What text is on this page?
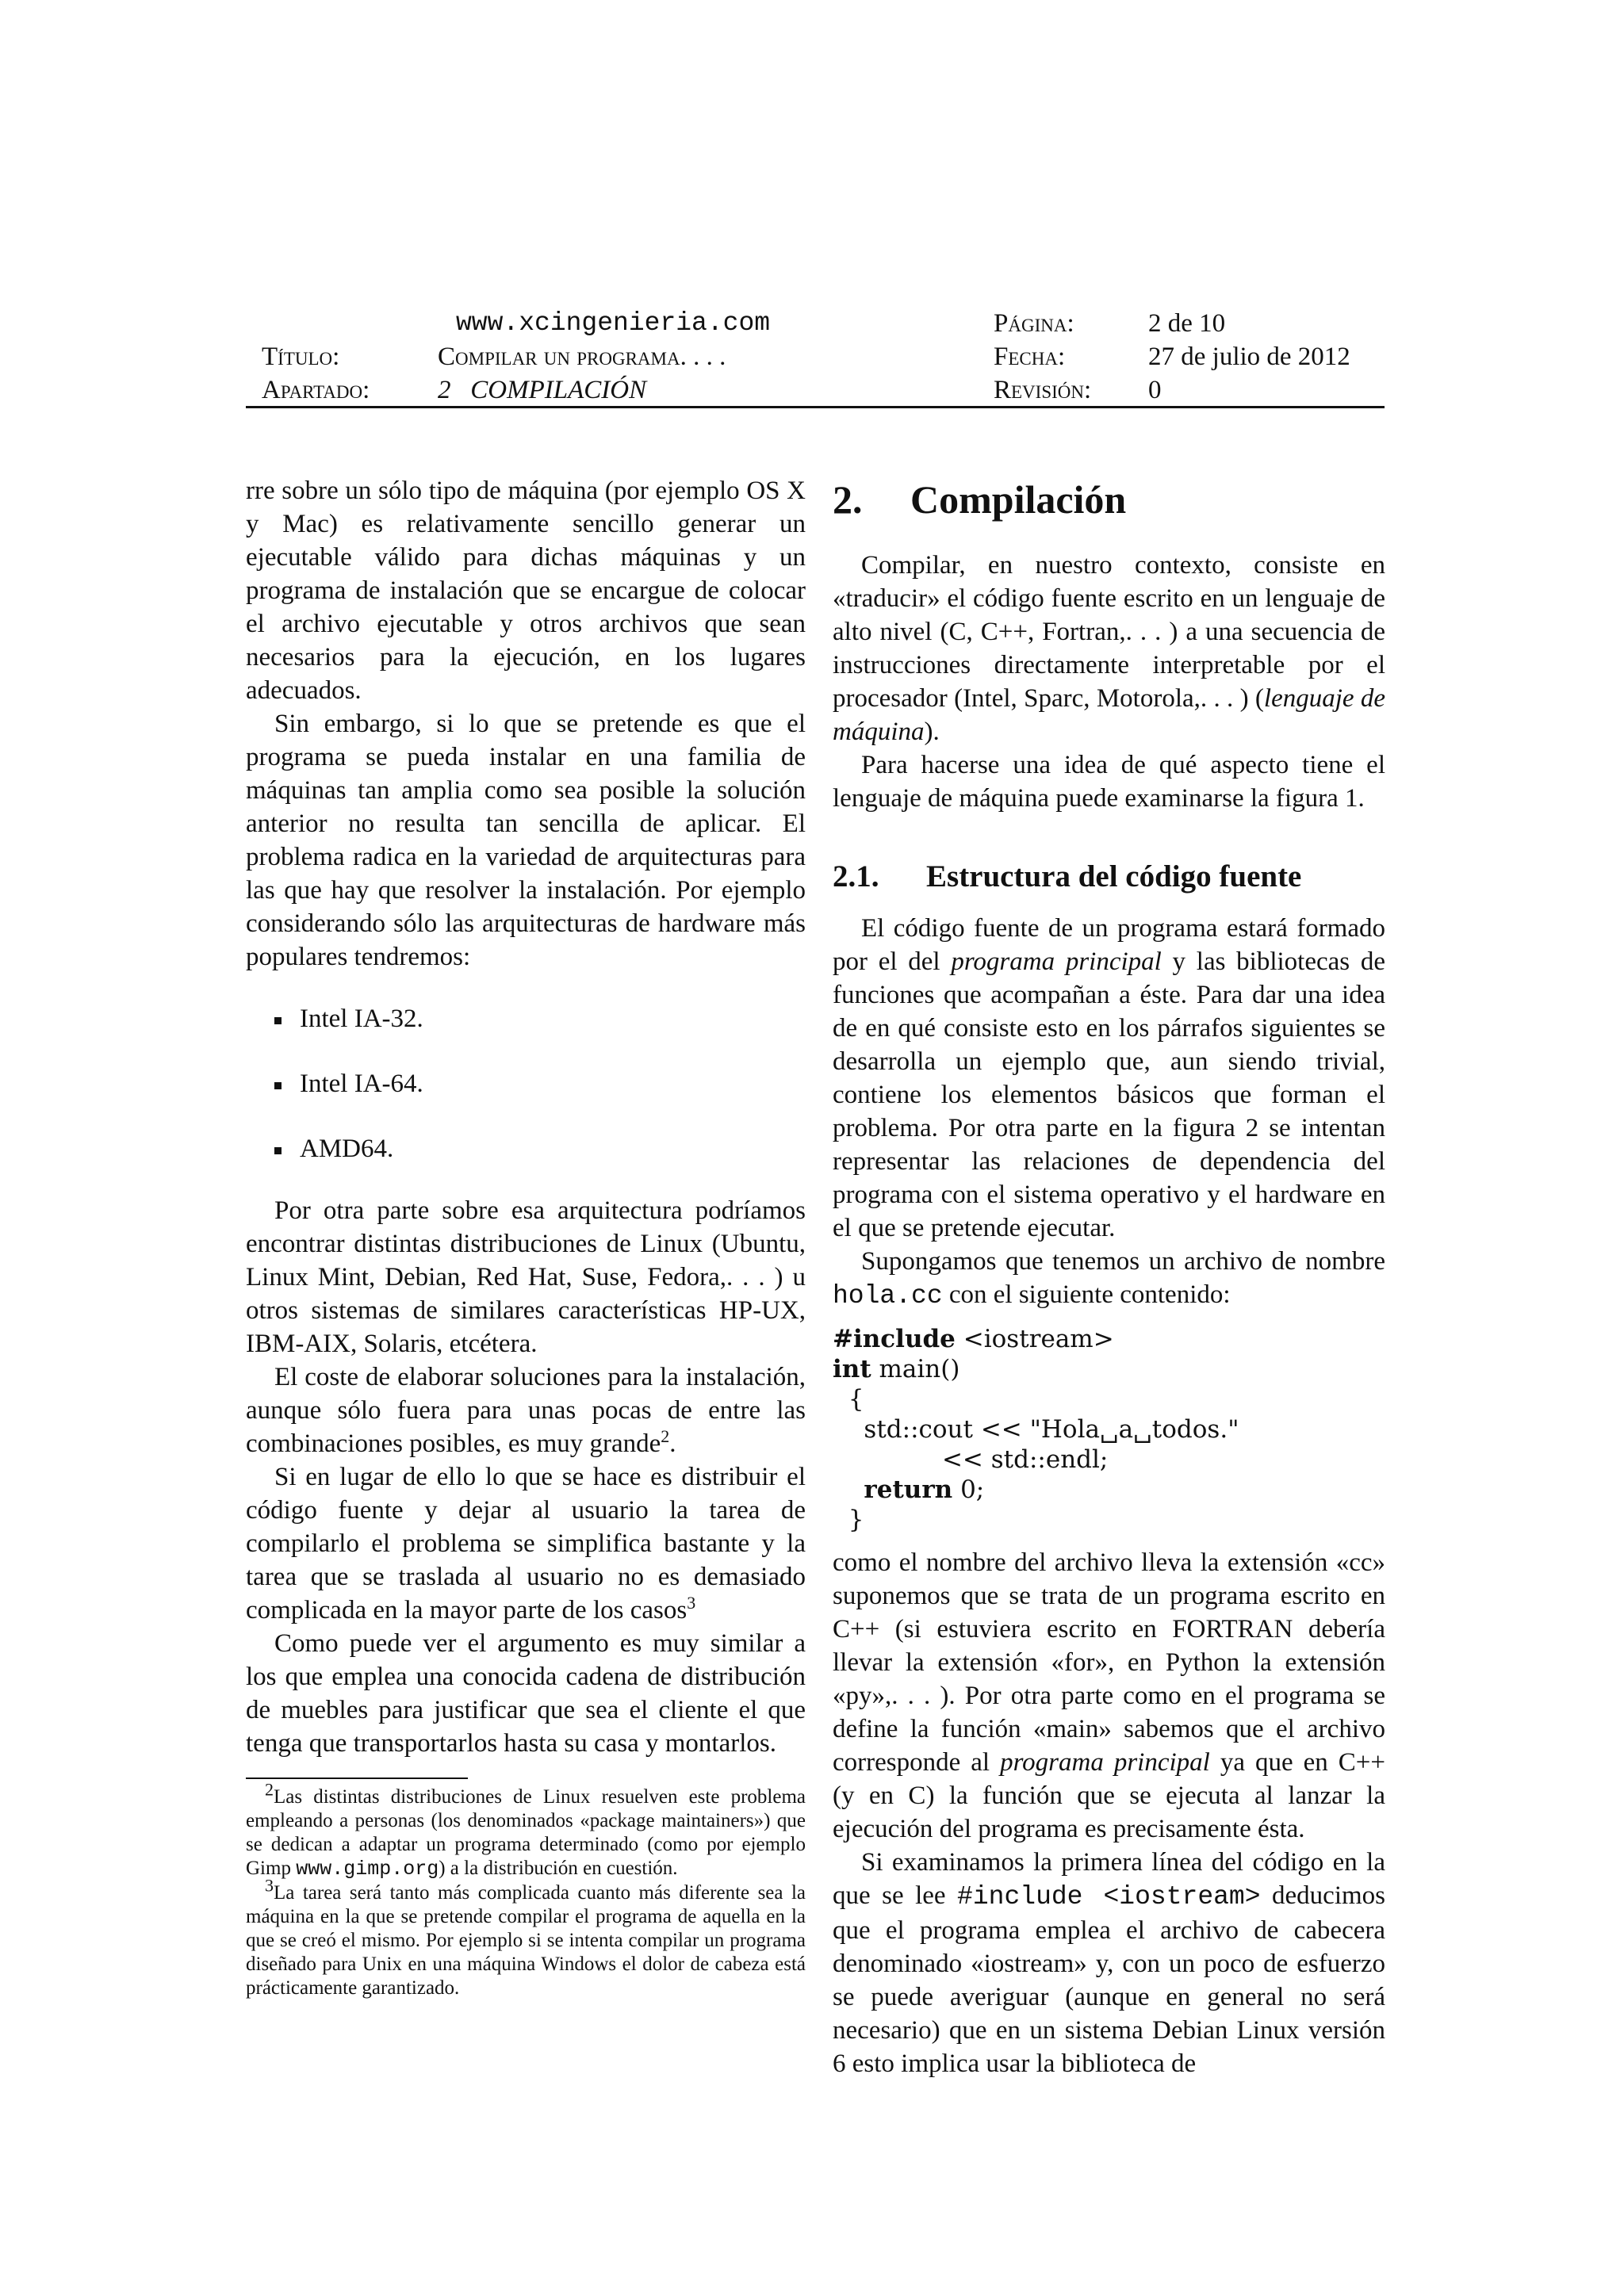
www.xcingenieria.com
Título:	Compilar un programa. . . .
Apartado:	2   COMPILACIÓN
Página:	2 de 10
Fecha:	27 de julio de 2012
Revisión: 0

rre sobre un sólo tipo de máquina (por ejemplo OS X y Mac) es relativamente sencillo generar un ejecutable válido para dichas máquinas y un programa de instalación que se encargue de colocar el archivo ejecutable y otros archivos que sean necesarios para la ejecución, en los lugares adecuados.

Sin embargo, si lo que se pretende es que el programa se pueda instalar en una familia de máquinas tan amplia como sea posible la solución anterior no resulta tan sencilla de aplicar. El problema radica en la variedad de arquitecturas para las que hay que resolver la instalación. Por ejemplo considerando sólo las arquitecturas de hardware más populares tendremos:

Intel IA-32.
Intel IA-64.
AMD64.

Por otra parte sobre esa arquitectura podríamos encontrar distintas distribuciones de Linux (Ubuntu, Linux Mint, Debian, Red Hat, Suse, Fedora,. . . ) u otros sistemas de similares características HP-UX, IBM-AIX, Solaris, etcétera.

El coste de elaborar soluciones para la instalación, aunque sólo fuera para unas pocas de entre las combinaciones posibles, es muy grande$^2$.

Si en lugar de ello lo que se hace es distribuir el código fuente y dejar al usuario la tarea de compilarlo el problema se simplifica bastante y la tarea que se traslada al usuario no es demasiado complicada en la mayor parte de los casos$^3$

Como puede ver el argumento es muy similar a los que emplea una conocida cadena de distribución de muebles para justificar que sea el cliente el que tenga que transportarlos hasta su casa y montarlos.

$^2$Las distintas distribuciones de Linux resuelven este problema empleando a personas (los denominados «package maintainers») que se dedican a adaptar un programa determinado (como por ejemplo Gimp www.gimp.org) a la distribución en cuestión.

$^3$La tarea será tanto más complicada cuanto más diferente sea la máquina en la que se pretende compilar el programa de aquella en la que se creó el mismo. Por ejemplo si se intenta compilar un programa diseñado para Unix en una máquina Windows el dolor de cabeza está prácticamente garantizado.

2. Compilación

Compilar, en nuestro contexto, consiste en «traducir» el código fuente escrito en un lenguaje de alto nivel (C, C++, Fortran,. . . ) a una secuencia de instrucciones directamente interpretable por el procesador (Intel, Sparc, Motorola,. . . ) (lenguaje de máquina).

Para hacerse una idea de qué aspecto tiene el lenguaje de máquina puede examinarse la figura 1.

2.1. Estructura del código fuente

El código fuente de un programa estará formado por el del programa principal y las bibliotecas de funciones que acompañan a éste. Para dar una idea de en qué consiste esto en los párrafos siguientes se desarrolla un ejemplo que, aun siendo trivial, contiene los elementos básicos que forman el problema. Por otra parte en la figura 2 se intentan representar las relaciones de dependencia del programa con el sistema operativo y el hardware en el que se pretende ejecutar.

Supongamos que tenemos un archivo de nombre hola.cc con el siguiente contenido:

#include <iostream>
int main()
{
std::cout << "Hola␣a␣todos."
<< std::endl;
return 0;
}

como el nombre del archivo lleva la extensión «cc» suponemos que se trata de un programa escrito en C++ (si estuviera escrito en FORTRAN debería llevar la extensión «for», en Python la extensión «py»,. . . ). Por otra parte como en el programa se define la función «main» sabemos que el archivo corresponde al programa principal ya que en C++ (y en C) la función que se ejecuta al lanzar la ejecución del programa es precisamente ésta.

Si examinamos la primera línea del código en la que se lee #include <iostream> deducimos que el programa emplea el archivo de cabecera denominado «iostream» y, con un poco de esfuerzo se puede averiguar (aunque en general no será necesario) que en un sistema Debian Linux versión 6 esto implica usar la biblioteca de
